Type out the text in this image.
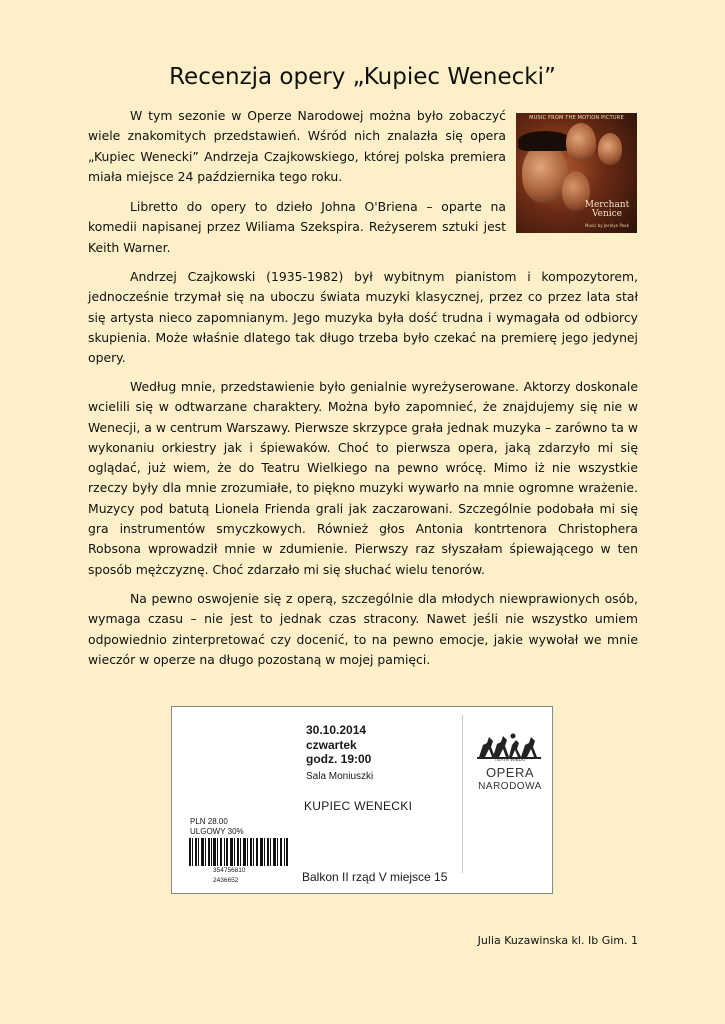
Recenzja opery „Kupiec Wenecki”

W tym sezonie w Operze Narodowej można było zobaczyć wiele znakomitych przedstawień. Wśród nich znalazła się opera „Kupiec Wenecki” Andrzeja Czajkowskiego, której polska premiera miała miejsce 24 października tego roku.

Libretto do opery to dzieło Johna O'Briena – oparte na komedii napisanej przez Wiliama Szekspira. Reżyserem sztuki jest Keith Warner.

Andrzej Czajkowski (1935-1982) był wybitnym pianistom i kompozytorem, jednocześnie trzymał się na uboczu świata muzyki klasycznej, przez co przez lata stał się artysta nieco zapomnianym. Jego muzyka była dość trudna i wymagała od odbiorcy skupienia. Może właśnie dlatego tak długo trzeba było czekać na premierę jego jedynej opery.

Według mnie, przedstawienie było genialnie wyreżyserowane. Aktorzy doskonale wcielili się w odtwarzane charaktery. Można było zapomnieć, że znajdujemy się nie w Wenecji, a w centrum Warszawy. Pierwsze skrzypce grała jednak muzyka – zarówno ta w wykonaniu orkiestry jak i śpiewaków. Choć to pierwsza opera, jaką zdarzyło mi się oglądać, już wiem, że do Teatru Wielkiego na pewno wrócę. Mimo iż nie wszystkie rzeczy były dla mnie zrozumiałe, to piękno muzyki wywarło na mnie ogromne wrażenie. Muzycy pod batutą Lionela Frienda grali jak zaczarowani. Szczególnie podobała mi się gra instrumentów smyczkowych. Również głos Antonia kontrtenora Christophera Robsona wprowadził mnie w zdumienie. Pierwszy raz słyszałam śpiewającego w ten sposób mężczyznę. Choć zdarzało mi się słuchać wielu tenorów.

Na pewno oswojenie się z operą, szczególnie dla młodych niewprawionych osób, wymaga czasu – nie jest to jednak czas stracony. Nawet jeśli nie wszystko umiem odpowiednio zinterpretować czy docenić, to na pewno emocje, jakie wywołał we mnie wieczór w operze na długo pozostaną w mojej pamięci.

MUSIC FROM THE MOTION PICTURE
Merchant
Venice
Music by Jocelyn Pook
30.10.2014
czwartek
godz. 19:00
Sala Moniuszki
KUPIEC WENECKI
PLN 28.00
ULGOWY 30%
354756810
2436652	Balkon II rząd V miejsce 15
TEATR WIELKI
OPERA
NARODOWA
Julia Kuzawinska kl. Ib Gim. 1
